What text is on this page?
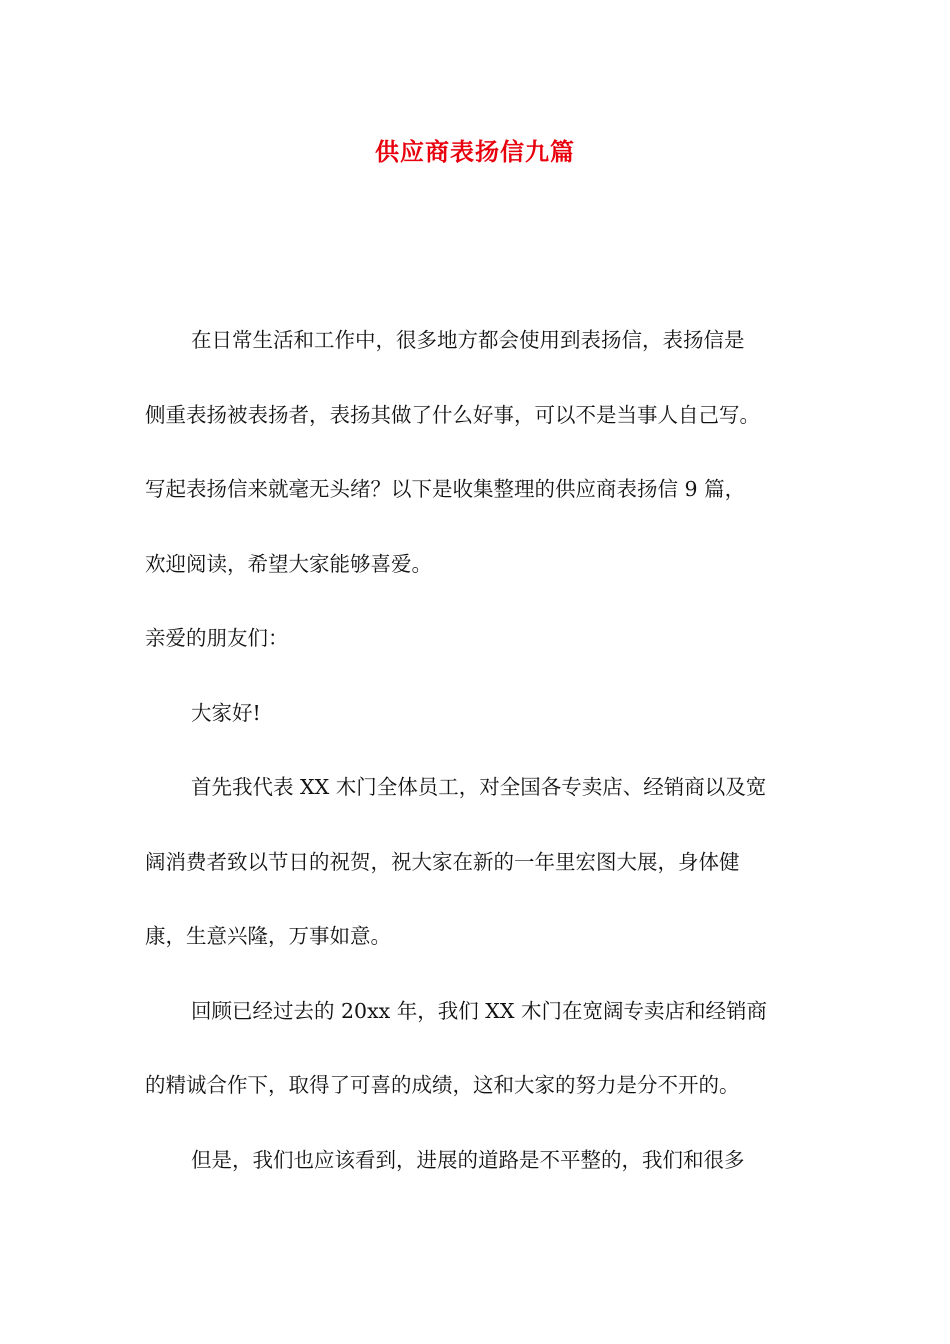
供应商表扬信九篇
在日常生活和工作中，很多地方都会使用到表扬信，表扬信是
侧重表扬被表扬者，表扬其做了什么好事，可以不是当事人自己写。
写起表扬信来就毫无头绪？以下是收集整理的供应商表扬信 9 篇，
欢迎阅读，希望大家能够喜爱。
亲爱的朋友们：
大家好!
首先我代表 XX 木门全体员工，对全国各专卖店、经销商以及宽
阔消费者致以节日的祝贺，祝大家在新的一年里宏图大展，身体健
康，生意兴隆，万事如意。
回顾已经过去的 20xx 年，我们 XX 木门在宽阔专卖店和经销商
的精诚合作下，取得了可喜的成绩，这和大家的努力是分不开的。
但是，我们也应该看到，进展的道路是不平整的，我们和很多
